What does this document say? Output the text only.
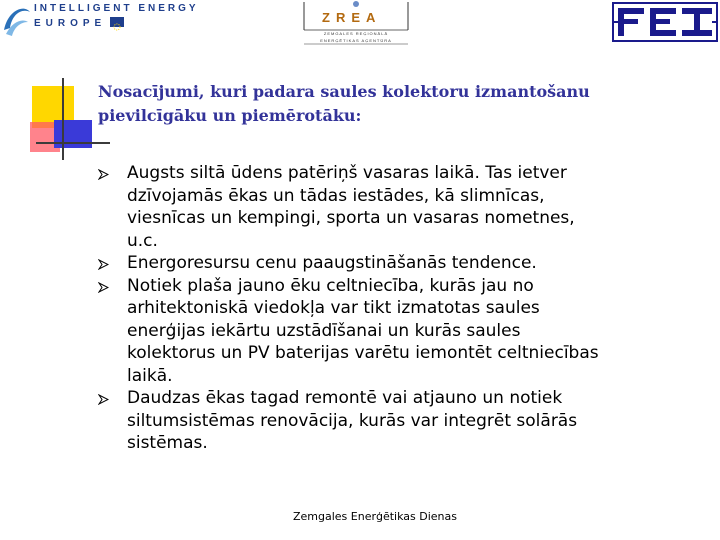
INTELLIGENT ENERGY
EUROPE	ZREA
ZEMGALES REĢIONĀLĀ
ENERĢĒTIKAS AĢENTŪRA
Nosacījumi, kuri padara saules kolektoru izmantošanu pievilcīgāku un piemērotāku:
Augsts siltā ūdens patēriņš vasaras laikā. Tas ietver dzīvojamās ēkas un tādas iestādes, kā slimnīcas, viesnīcas un kempingi, sporta un vasaras nometnes, u.c.
Energoresursu cenu paaugstināšanās tendence.
Notiek plaša jauno ēku celtniecība, kurās jau no arhitektoniskā viedokļa var tikt izmatotas saules enerģijas iekārtu uzstādīšanai un kurās saules kolektorus un PV baterijas varētu iemontēt celtniecības laikā.
Daudzas ēkas tagad remontē vai atjauno un notiek siltumsistēmas renovācija, kurās var integrēt solārās sistēmas.
Zemgales Enerģētikas Dienas
